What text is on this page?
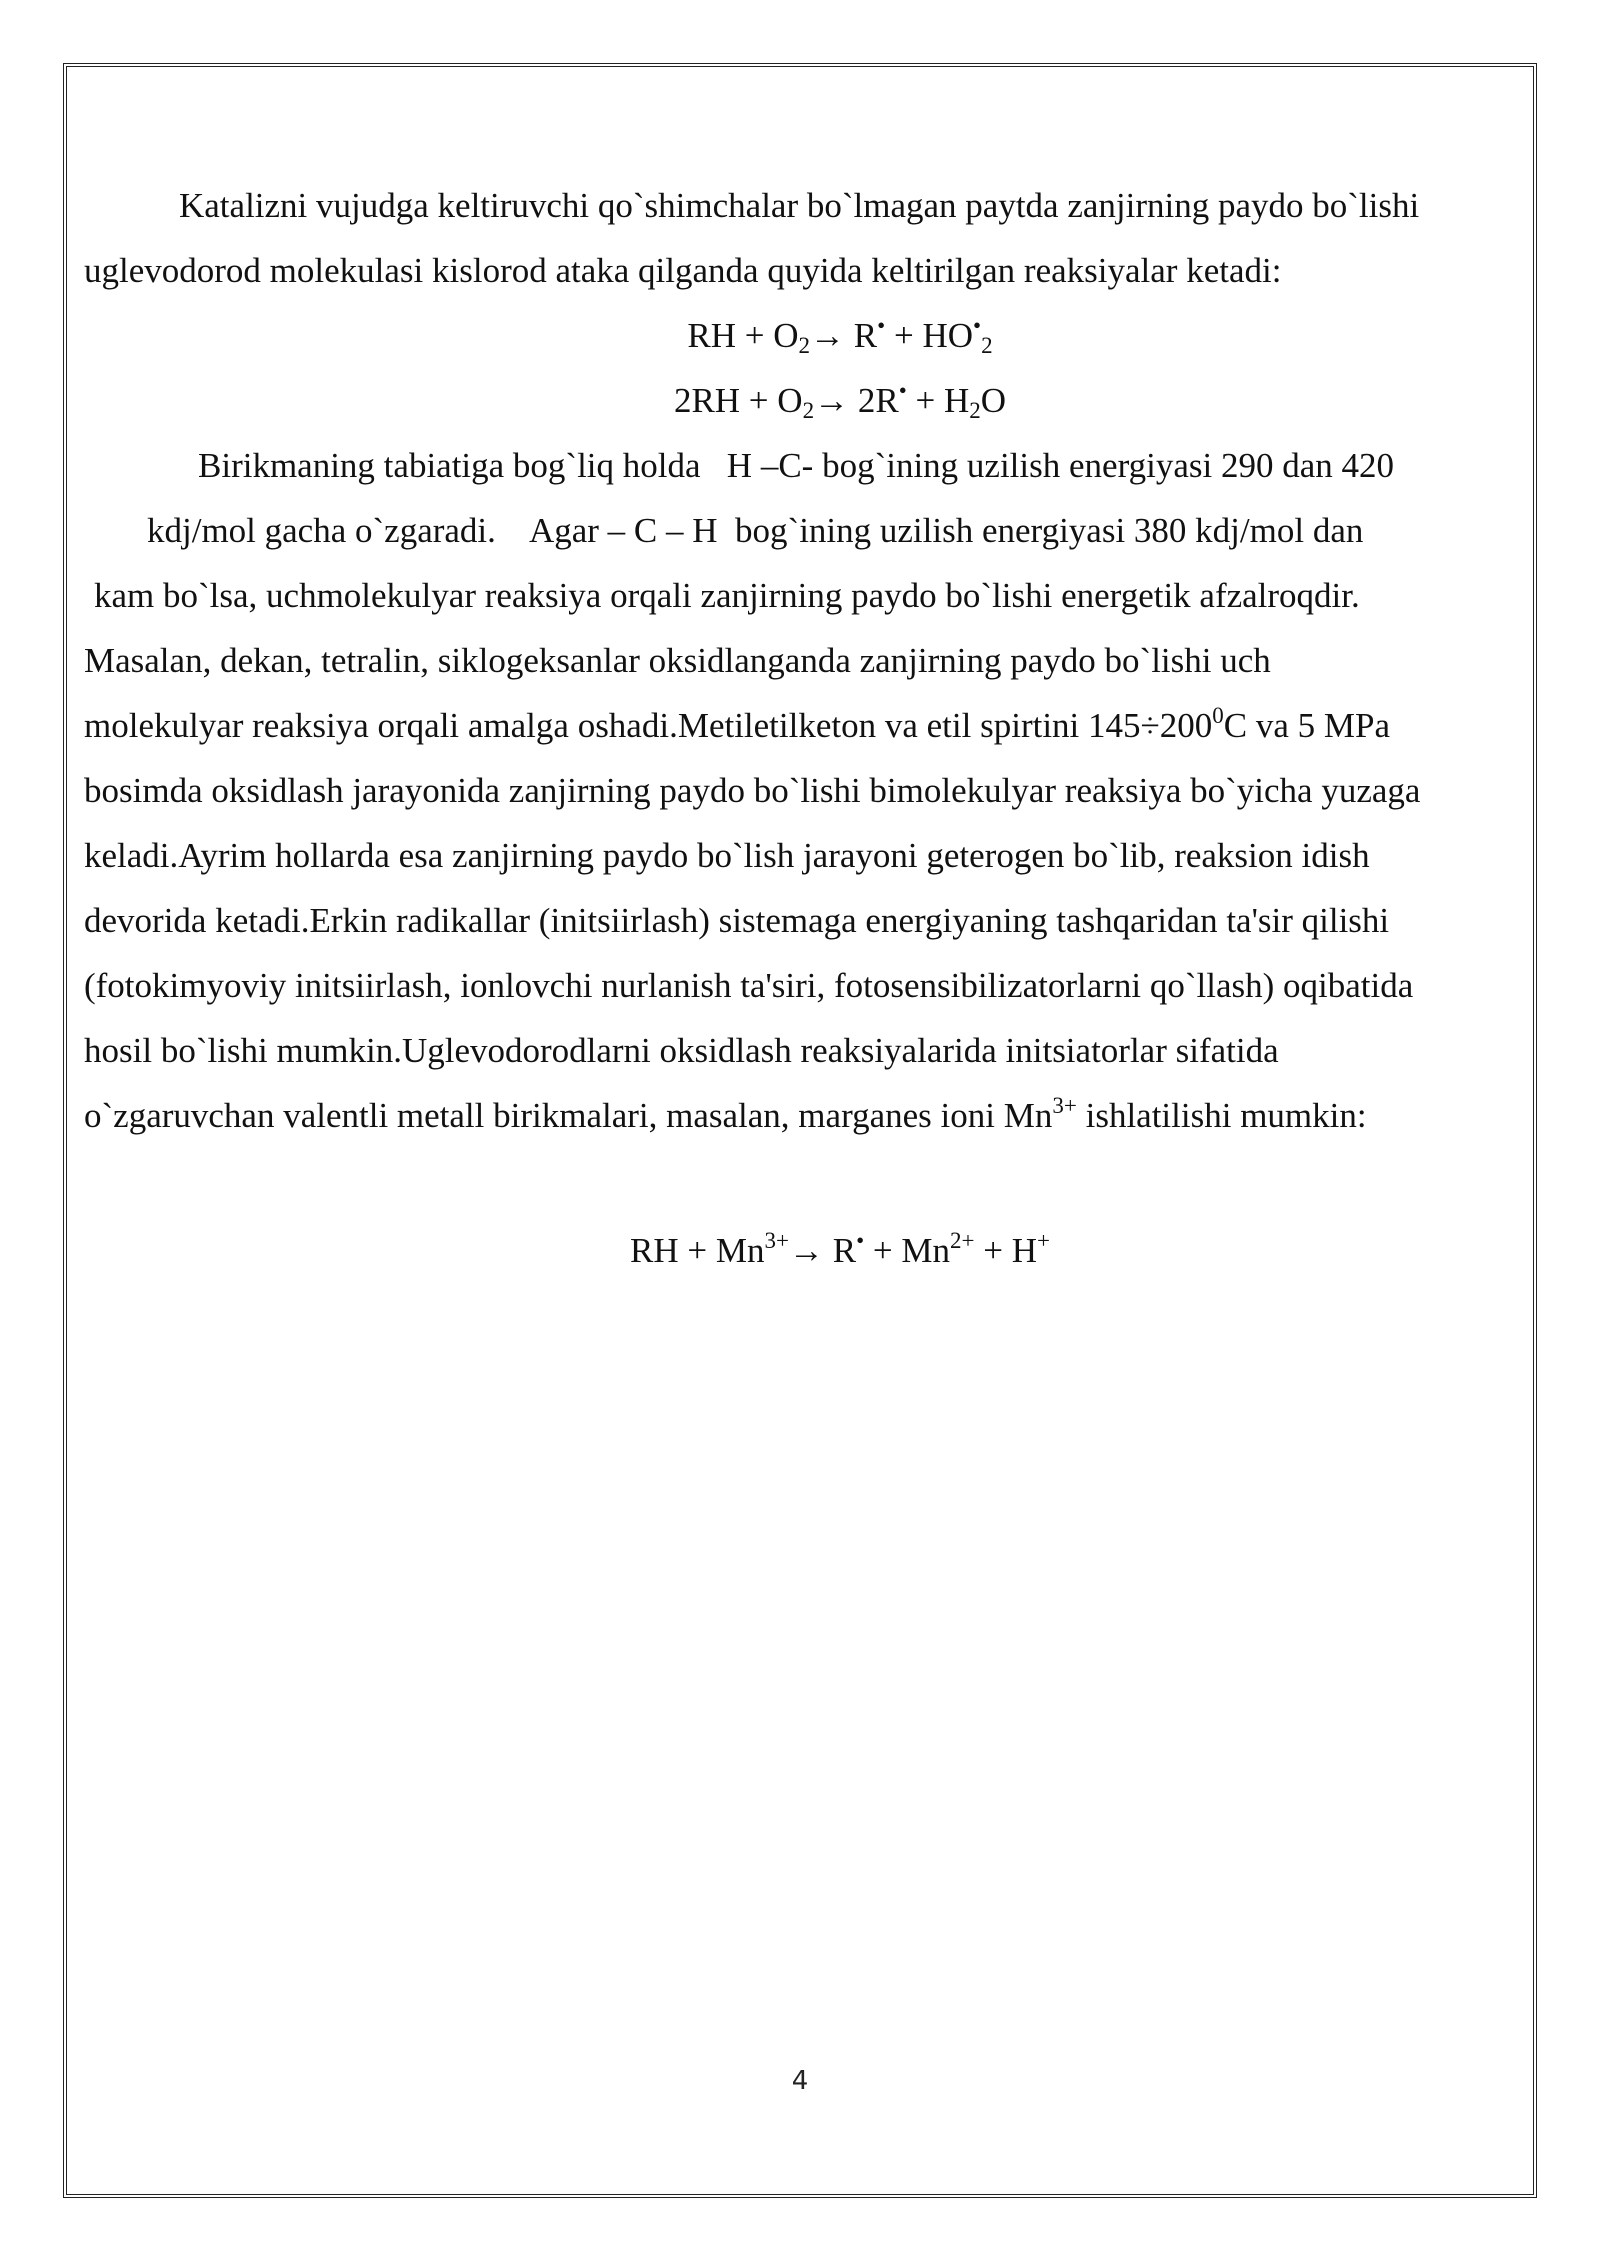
Katalizni vujudga keltiruvchi qo`shimchalar bo`lmagan paytda zanjirning paydo bo`lishi
uglevodorod molekulasi kislorod ataka qilganda quyida keltirilgan reaksiyalar ketadi:
RH + $O_2\to R^• + HO^•_2$
$2RH + O_2\to 2R^• + H_2O$
Birikmaning tabiatiga bog`liq holda   H –C- bog`ining uzilish energiyasi 290 dan 420
kdj/mol gacha o`zgaradi.    Agar – C – H  bog`ining uzilish energiyasi 380 kdj/mol dan
kam bo`lsa, uchmolekulyar reaksiya orqali zanjirning paydo bo`lishi energetik afzalroqdir.
Masalan, dekan, tetralin, siklogeksanlar oksidlanganda zanjirning paydo bo`lishi uch
molekulyar reaksiya orqali amalga oshadi.Metiletilketon va etil spirtini $145\div 200^0C$ va 5 MPa
bosimda oksidlash jarayonida zanjirning paydo bo`lishi bimolekulyar reaksiya bo`yicha yuzaga
keladi.Ayrim hollarda esa zanjirning paydo bo`lish jarayoni geterogen bo`lib, reaksion idish
devorida ketadi.Erkin radikallar (initsiirlash) sistemaga energiyaning tashqaridan ta'sir qilishi
(fotokimyoviy initsiirlash, ionlovchi nurlanish ta'siri, fotosensibilizatorlarni qo`llash) oqibatida
hosil bo`lishi mumkin.Uglevodorodlarni oksidlash reaksiyalarida initsiatorlar sifatida
o`zgaruvchan valentli metall birikmalari, masalan, marganes ioni $Mn^{3+}$ ishlatilishi mumkin:
RH + $Mn^{3+}\to R^• + Mn^{2+} + H^+$
4
